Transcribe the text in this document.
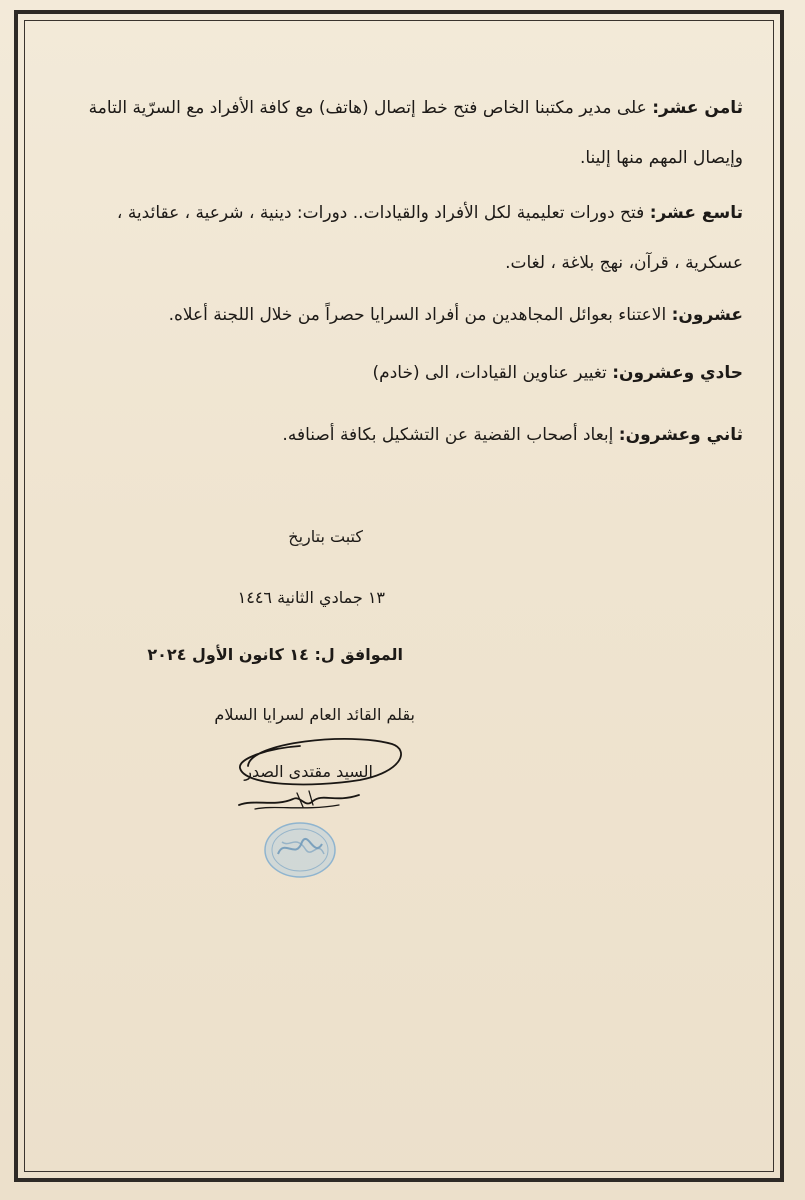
ثامن عشر: على مدير مكتبنا الخاص فتح خط إتصال (هاتف) مع كافة الأفراد مع السرّية التامة وإيصال المهم منها إلينا.

تاسع عشر: فتح دورات تعليمية لكل الأفراد والقيادات.. دورات: دينية ، شرعية ، عقائدية ، عسكرية ، قرآن، نهج بلاغة ، لغات.

عشرون: الاعتناء بعوائل المجاهدين من أفراد السرايا حصراً من خلال اللجنة أعلاه.

حادي وعشرون: تغيير عناوين القيادات، الى (خادم)

ثاني وعشرون: إبعاد أصحاب القضية عن التشكيل بكافة أصنافه.

كتبت بتاريخ
١٣ جمادي الثانية ١٤٤٦
الموافق ل: ١٤ كانون الأول ٢٠٢٤
بقلم القائد العام لسرايا السلام
السيد مقتدى الصدر
